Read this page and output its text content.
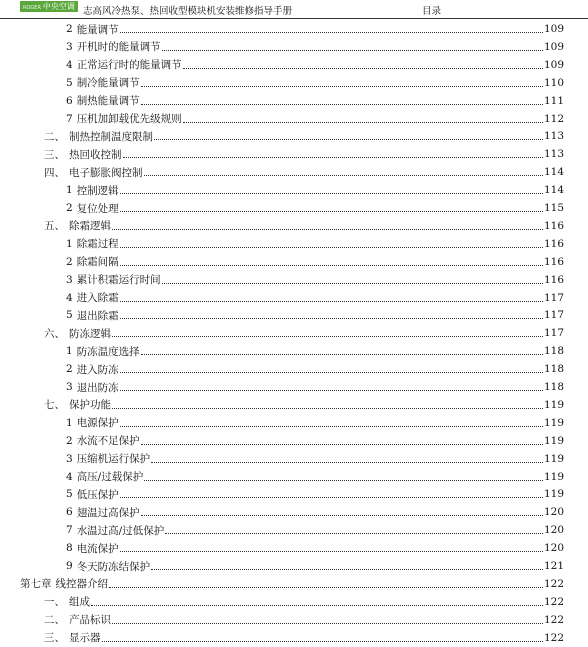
ROGER 中央空调 志高风冷热泵、热回收型模块机安装维修指导手册	目录
2 能量调节	109
3 开机时的能量调节	109
4 正常运行时的能量调节	109
5 制冷能量调节	110
6 制热能量调节	111
7 压机加卸载优先级规则	112
二、 制热控制温度限制	113
三、 热回收控制	113
四、 电子膨胀阀控制	114
1 控制逻辑	114
2 复位处理	115
五、 除霜逻辑	116
1 除霜过程	116
2 除霜间隔	116
3 累计积霜运行时间	116
4 进入除霜	117
5 退出除霜	117
六、 防冻逻辑	117
1 防冻温度选择	118
2 进入防冻	118
3 退出防冻	118
七、 保护功能	119
1 电源保护	119
2 水流不足保护	119
3 压缩机运行保护	119
4 高压/过载保护	119
5 低压保护	119
6 翅温过高保护	120
7 水温过高/过低保护	120
8 电流保护	120
9 冬天防冻结保护	121
第七章 线控器介绍	122
一、 组成	122
二、 产品标识	122
三、 显示器	122
